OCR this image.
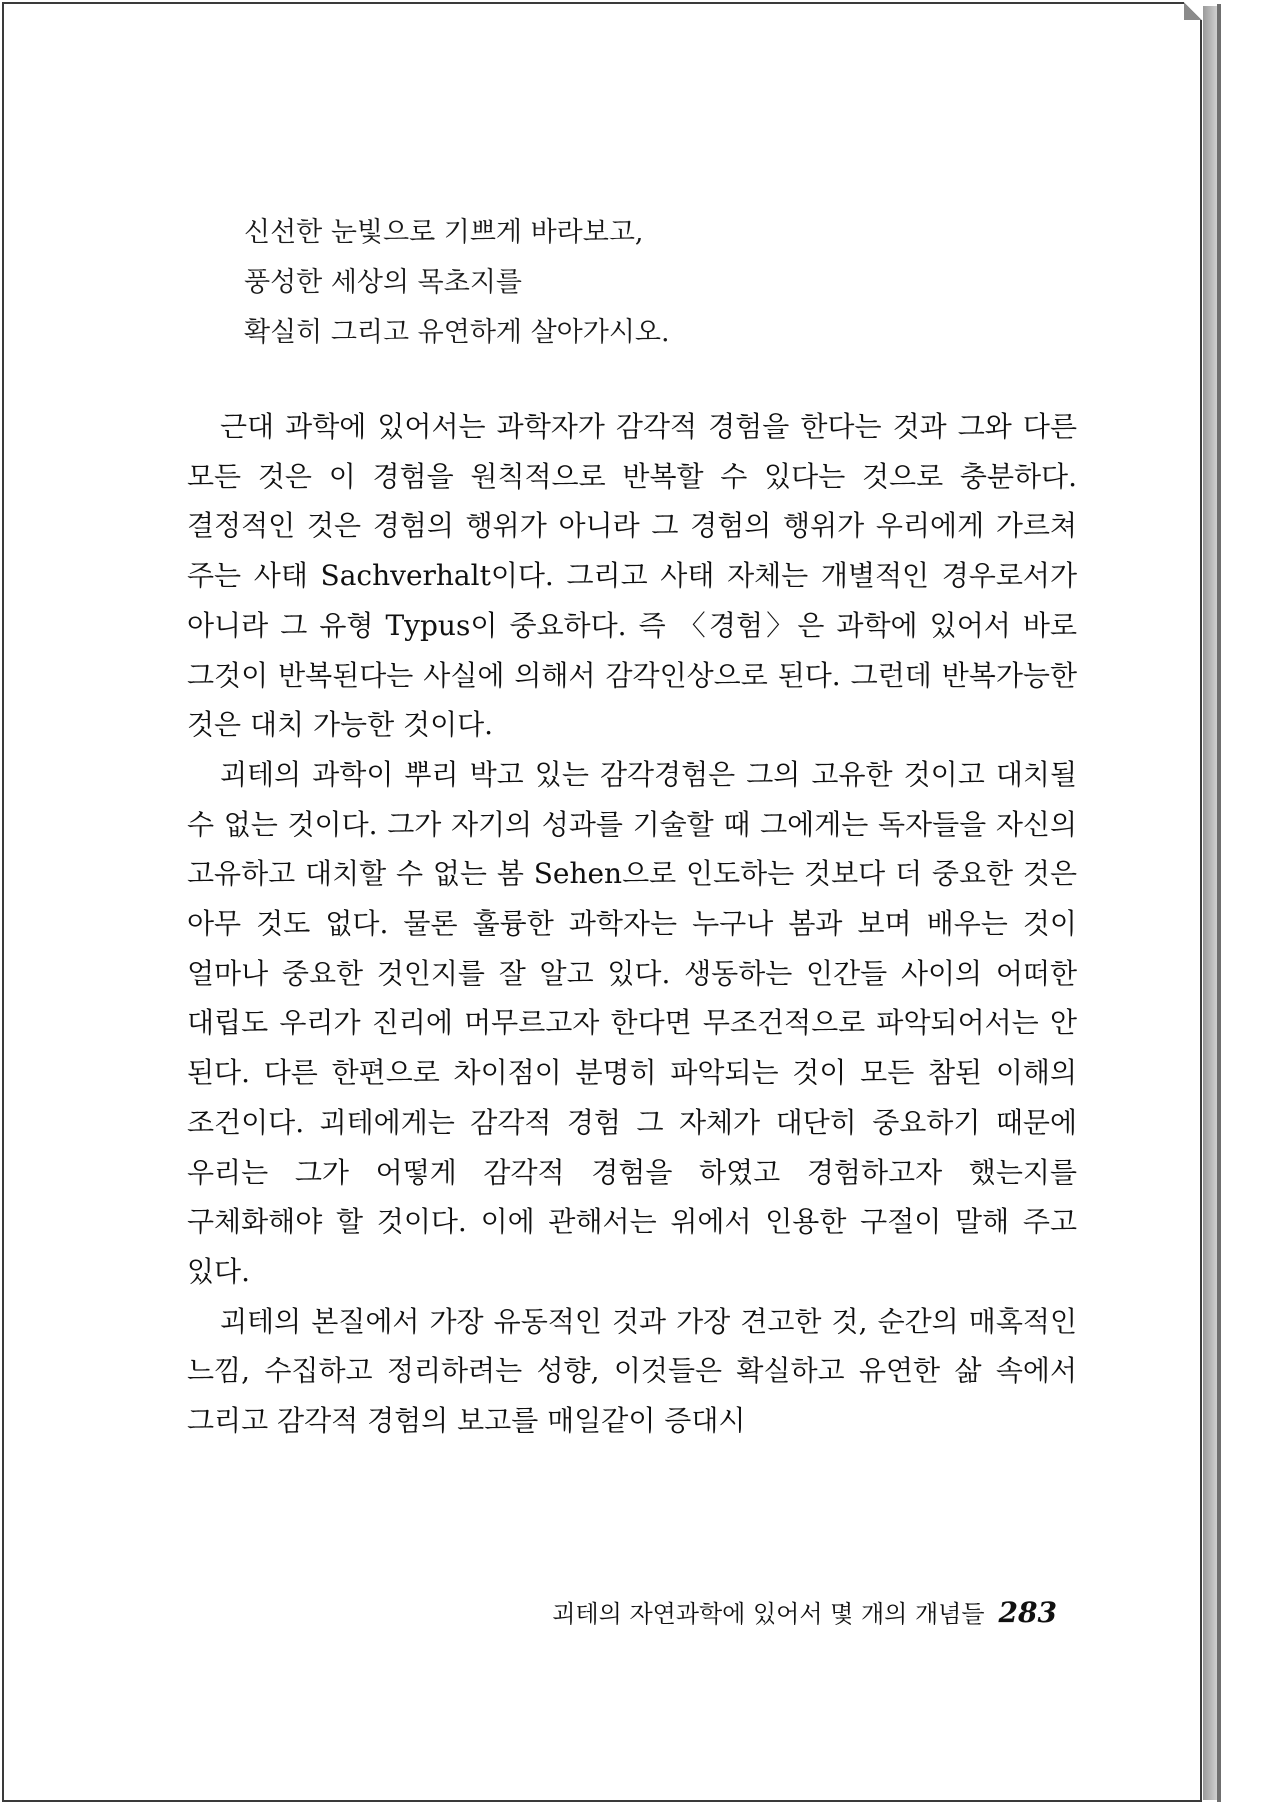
신선한 눈빛으로 기쁘게 바라보고,
풍성한 세상의 목초지를
확실히 그리고 유연하게 살아가시오.

근대 과학에 있어서는 과학자가 감각적 경험을 한다는 것과 그와 다른 모든 것은 이 경험을 원칙적으로 반복할 수 있다는 것으로 충분하다. 결정적인 것은 경험의 행위가 아니라 그 경험의 행위가 우리에게 가르쳐 주는 사태 Sachverhalt이다. 그리고 사태 자체는 개별적인 경우로서가 아니라 그 유형 Typus이 중요하다. 즉 〈경험〉은 과학에 있어서 바로 그것이 반복된다는 사실에 의해서 감각인상으로 된다. 그런데 반복가능한 것은 대치 가능한 것이다.

괴테의 과학이 뿌리 박고 있는 감각경험은 그의 고유한 것이고 대치될 수 없는 것이다. 그가 자기의 성과를 기술할 때 그에게는 독자들을 자신의 고유하고 대치할 수 없는 봄 Sehen으로 인도하는 것보다 더 중요한 것은 아무 것도 없다. 물론 훌륭한 과학자는 누구나 봄과 보며 배우는 것이 얼마나 중요한 것인지를 잘 알고 있다. 생동하는 인간들 사이의 어떠한 대립도 우리가 진리에 머무르고자 한다면 무조건적으로 파악되어서는 안 된다. 다른 한편으로 차이점이 분명히 파악되는 것이 모든 참된 이해의 조건이다. 괴테에게는 감각적 경험 그 자체가 대단히 중요하기 때문에 우리는 그가 어떻게 감각적 경험을 하였고 경험하고자 했는지를 구체화해야 할 것이다. 이에 관해서는 위에서 인용한 구절이 말해 주고 있다.

괴테의 본질에서 가장 유동적인 것과 가장 견고한 것, 순간의 매혹적인 느낌, 수집하고 정리하려는 성향, 이것들은 확실하고 유연한 삶 속에서 그리고 감각적 경험의 보고를 매일같이 증대시

괴테의 자연과학에 있어서 몇 개의 개념들 283
